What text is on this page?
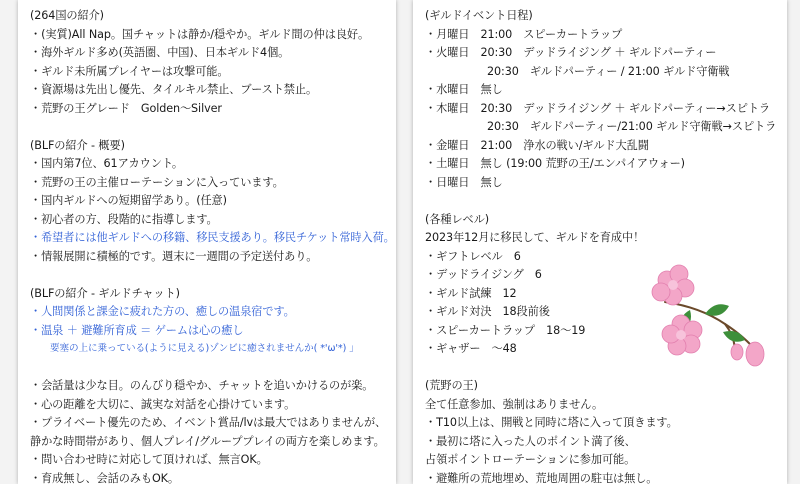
(264国の紹介)
・(実質)All Nap。国チャットは静か/穏やか。ギルド間の仲は良好。
・海外ギルド多め(英語圏、中国)、日本ギルド4個。
・ギルド未所属プレイヤーは攻撃可能。
・資源場は先出し優先、タイルキル禁止、ブースト禁止。
・荒野の王グレード　Golden～Silver
(BLFの紹介 - 概要)
・国内第7位、61アカウント。
・荒野の王の主催ローテーションに入っています。
・国内ギルドへの短期留学あり。(任意)
・初心者の方、段階的に指導します。
・希望者には他ギルドへの移籍、移民支援あり。移民チケット常時入荷。
・情報展開に積極的です。週末に一週間の予定送付あり。
(BLFの紹介 - ギルドチャット)
・人間関係と課金に疲れた方の、癒しの温泉宿です。
・温泉 ＋ 避難所育成 ＝ ゲームは心の癒し
要塞の上に乗っている(ように見える)ゾンビに癒されませんか( *'ω'*) ｣
・会話量は少な目。のんびり穏やか、チャットを追いかけるのが楽。
・心の距離を大切に、誠実な対話を心掛けています。
・プライベート優先のため、イベント賞品/lvは最大ではありませんが、
静かな時間帯があり、個人プレイ/グループプレイの両方を楽しめます。
・問い合わせ時に対応して頂ければ、無言OK。
・育成無し、会話のみもOK。
(ギルドイベント日程)
・月曜日　21:00　スピーカートラップ
・火曜日　20:30　デッドライジング ＋ ギルドパーティー
20:30　ギルドパーティー / 21:00 ギルド守衛戦
・水曜日　無し
・木曜日　20:30　デッドライジング ＋ ギルドパーティー→スピトラ
20:30　ギルドパーティー/21:00 ギルド守衛戦→スピトラ
・金曜日　21:00　浄水の戦い/ギルド大乱闘
・土曜日　無し (19:00 荒野の王/エンパイアウォー)
・日曜日　無し
(各種レベル)
2023年12月に移民して、ギルドを育成中！
・ギフトレベル　6
・デッドライジング　6
・ギルド試練　12
・ギルド対決　18段前後
・スピーカートラップ　18～19
・ギャザー　～48
(荒野の王)
全て任意参加、強制はありません。
・T10以上は、開戦と同時に塔に入って頂きます。
・最初に塔に入った人のポイント満了後、
占領ポイントローテーションに参加可能。
・避難所の荒地埋め、荒地周囲の駐屯は無し。
